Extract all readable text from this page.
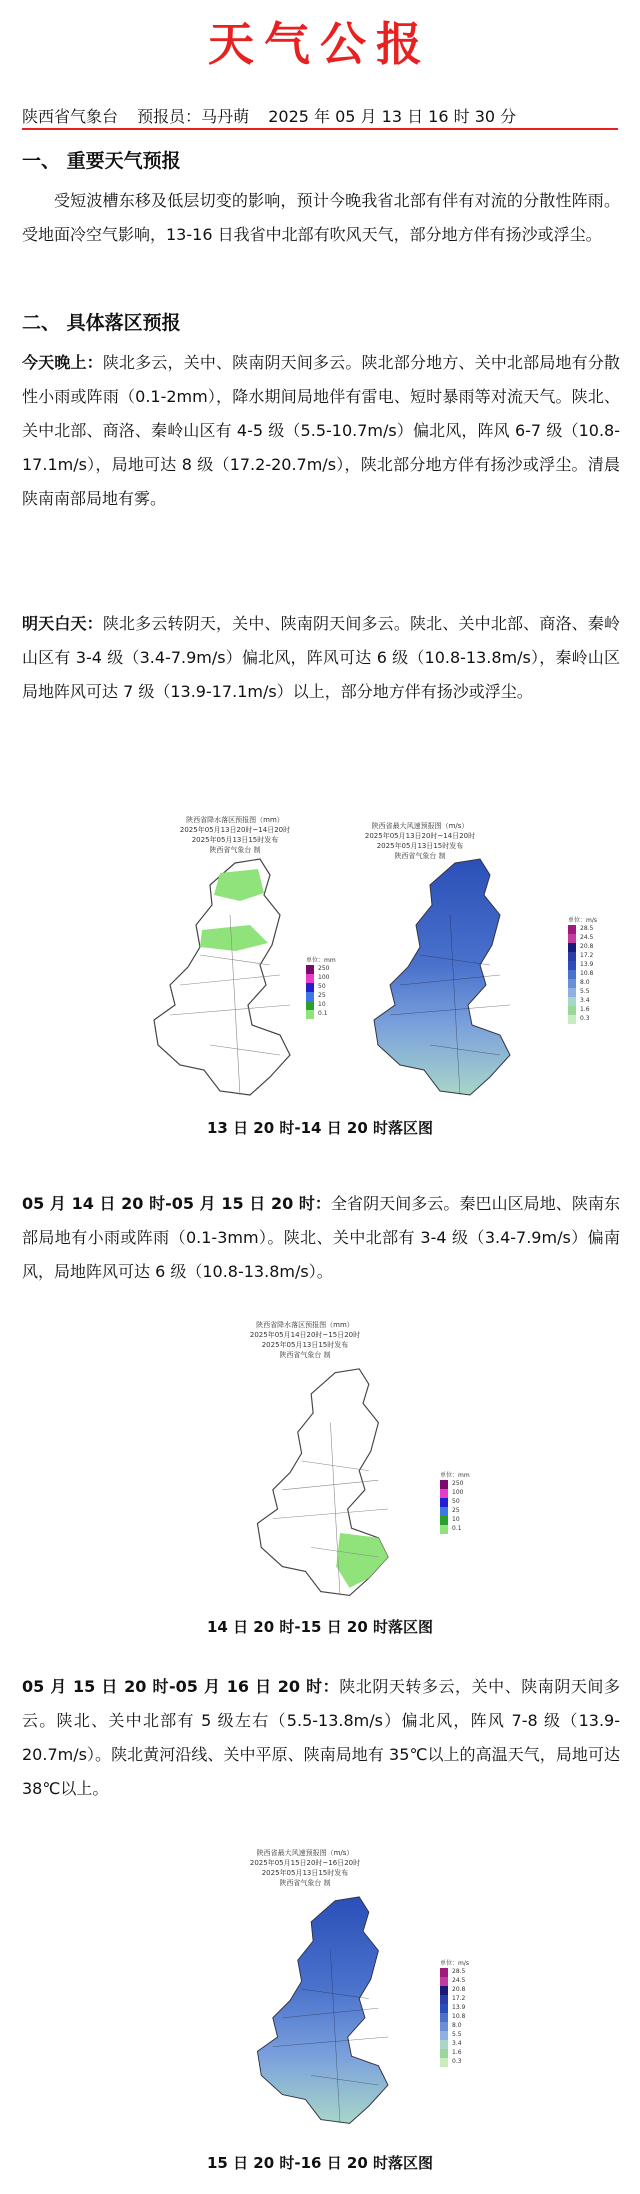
天气公报
陕西省气象台 预报员：马丹萌 2025 年 05 月 13 日 16 时 30 分
一、 重要天气预报
受短波槽东移及低层切变的影响，预计今晚我省北部有伴有对流的分散性阵雨。受地面冷空气影响，13-16 日我省中北部有吹风天气，部分地方伴有扬沙或浮尘。
二、 具体落区预报
今天晚上：陕北多云，关中、陕南阴天间多云。陕北部分地方、关中北部局地有分散性小雨或阵雨（0.1-2mm），降水期间局地伴有雷电、短时暴雨等对流天气。陕北、关中北部、商洛、秦岭山区有 4-5 级（5.5-10.7m/s）偏北风，阵风 6-7 级（10.8-17.1m/s），局地可达 8 级（17.2-20.7m/s），陕北部分地方伴有扬沙或浮尘。清晨陕南南部局地有雾。
明天白天：陕北多云转阴天，关中、陕南阴天间多云。陕北、关中北部、商洛、秦岭山区有 3-4 级（3.4-7.9m/s）偏北风，阵风可达 6 级（10.8-13.8m/s），秦岭山区局地阵风可达 7 级（13.9-17.1m/s）以上，部分地方伴有扬沙或浮尘。
陕西省降水落区预报图（mm）
2025年05月13日20时~14日20时
2025年05月13日15时发布
陕西省气象台 制
单位：mm
250
100
50
25
10
0.1
陕西省最大风速预报图（m/s）
2025年05月13日20时~14日20时
2025年05月13日15时发布
陕西省气象台 制
单位：m/s
28.5
24.5
20.8
17.2
13.9
10.8
8.0
5.5
3.4
1.6
0.3
13 日 20 时-14 日 20 时落区图
05 月 14 日 20 时-05 月 15 日 20 时：全省阴天间多云。秦巴山区局地、陕南东部局地有小雨或阵雨（0.1-3mm）。陕北、关中北部有 3-4 级（3.4-7.9m/s）偏南风，局地阵风可达 6 级（10.8-13.8m/s）。
陕西省降水落区预报图（mm）
2025年05月14日20时~15日20时
2025年05月13日15时发布
陕西省气象台 制
单位：mm
250
100
50
25
10
0.1
14 日 20 时-15 日 20 时落区图
05 月 15 日 20 时-05 月 16 日 20 时：陕北阴天转多云，关中、陕南阴天间多云。陕北、关中北部有 5 级左右（5.5-13.8m/s）偏北风，阵风 7-8 级（13.9-20.7m/s）。陕北黄河沿线、关中平原、陕南局地有 35℃以上的高温天气，局地可达 38℃以上。
陕西省最大风速预报图（m/s）
2025年05月15日20时~16日20时
2025年05月13日15时发布
陕西省气象台 制
单位：m/s
28.5
24.5
20.8
17.2
13.9
10.8
8.0
5.5
3.4
1.6
0.3
15 日 20 时-16 日 20 时落区图
